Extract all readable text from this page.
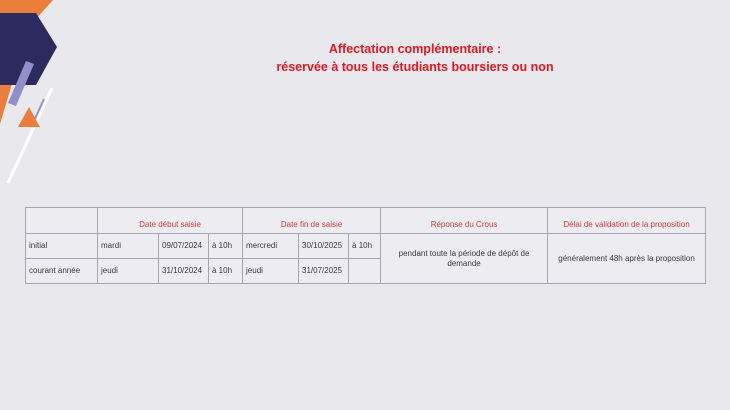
Affectation complémentaire :
réservée à tous les étudiants boursiers ou non
	Date début saisie			Date fin de saisie			Réponse du Crous	Délai de validation de la proposition
initial	mardi	09/07/2024	à 10h	mercredi	30/10/2025	à 10h	pendant toute la période de dépôt de demande	généralement 48h après la proposition
courant année	jeudi	31/10/2024	à 10h	jeudi	31/07/2025			
